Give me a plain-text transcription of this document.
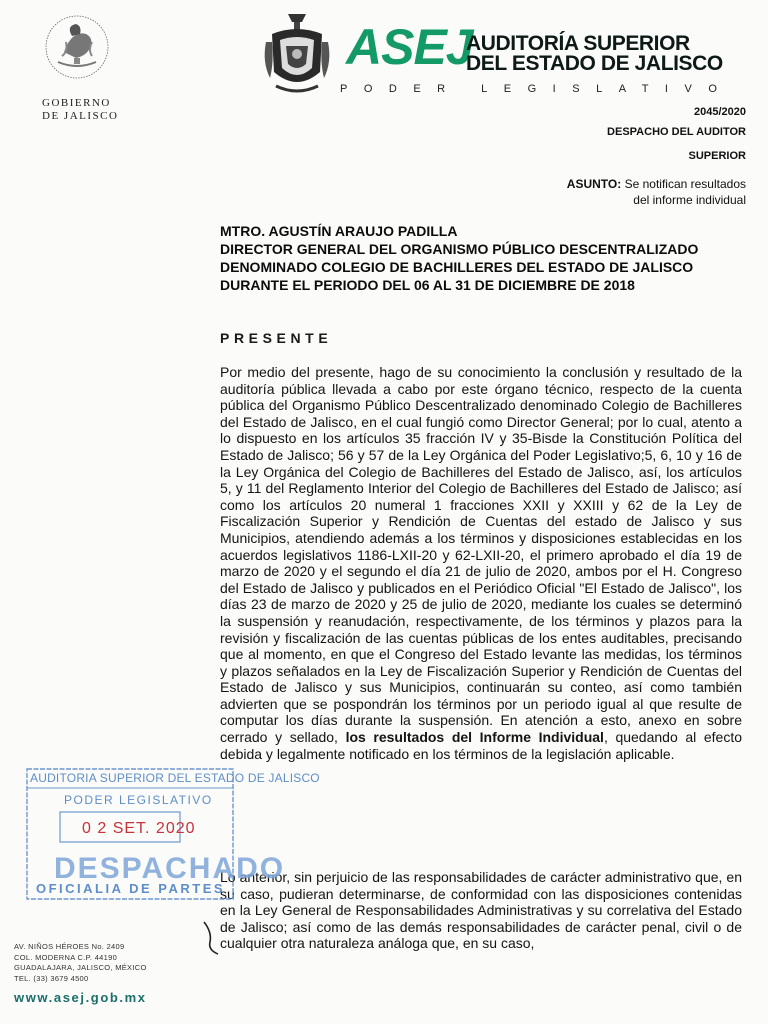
GOBIERNO
DE JALISCO
ASEJ
AUDITORÍA SUPERIOR
DEL ESTADO DE JALISCO
PODER LEGISLATIVO
2045/2020
DESPACHO DEL AUDITOR
SUPERIOR
ASUNTO: Se notifican resultados
del informe individual
MTRO. AGUSTÍN ARAUJO PADILLA
DIRECTOR GENERAL DEL ORGANISMO PÚBLICO DESCENTRALIZADO
DENOMINADO COLEGIO DE BACHILLERES DEL ESTADO DE JALISCO
DURANTE EL PERIODO DEL 06 AL 31 DE DICIEMBRE DE 2018
PRESENTE
Por medio del presente, hago de su conocimiento la conclusión y resultado de la auditoría pública llevada a cabo por este órgano técnico, respecto de la cuenta pública del Organismo Público Descentralizado denominado Colegio de Bachilleres del Estado de Jalisco, en el cual fungió como Director General; por lo cual, atento a lo dispuesto en los artículos 35 fracción IV y 35-Bisde la Constitución Política del Estado de Jalisco; 56 y 57 de la Ley Orgánica del Poder Legislativo;5, 6, 10 y 16 de la Ley Orgánica del Colegio de Bachilleres del Estado de Jalisco, así, los artículos 5, y 11 del Reglamento Interior del Colegio de Bachilleres del Estado de Jalisco; así como los artículos 20 numeral 1 fracciones XXII y XXIII y 62 de la Ley de Fiscalización Superior y Rendición de Cuentas del estado de Jalisco y sus Municipios, atendiendo además a los términos y disposiciones establecidas en los acuerdos legislativos 1186-LXII-20 y 62-LXII-20, el primero aprobado el día 19 de marzo de 2020 y el segundo el día 21 de julio de 2020, ambos por el H. Congreso del Estado de Jalisco y publicados en el Periódico Oficial "El Estado de Jalisco", los días 23 de marzo de 2020 y 25 de julio de 2020, mediante los cuales se determinó la suspensión y reanudación, respectivamente, de los términos y plazos para la revisión y fiscalización de las cuentas públicas de los entes auditables, precisando que al momento, en que el Congreso del Estado levante las medidas, los términos y plazos señalados en la Ley de Fiscalización Superior y Rendición de Cuentas del Estado de Jalisco y sus Municipios, continuarán su conteo, así como también advierten que se pospondrán los términos por un periodo igual al que resulte de computar los días durante la suspensión. En atención a esto, anexo en sobre cerrado y sellado, los resultados del Informe Individual, quedando al efecto debida y legalmente notificado en los términos de la legislación aplicable.
Lo anterior, sin perjuicio de las responsabilidades de carácter administrativo que, en su caso, pudieran determinarse, de conformidad con las disposiciones contenidas en la Ley General de Responsabilidades Administrativas y su correlativa del Estado de Jalisco; así como de las demás responsabilidades de carácter penal, civil o de cualquier otra naturaleza análoga que, en su caso,
AUDITORIA SUPERIOR DEL ESTADO DE JALISCO
PODER LEGISLATIVO
0 2 SET. 2020
DESPACHADO
OFICIALIA DE PARTES
AV. NIÑOS HÉROES No. 2409
COL. MODERNA C.P. 44190
GUADALAJARA, JALISCO, MÉXICO
TEL. (33) 3679 4500
www.asej.gob.mx
